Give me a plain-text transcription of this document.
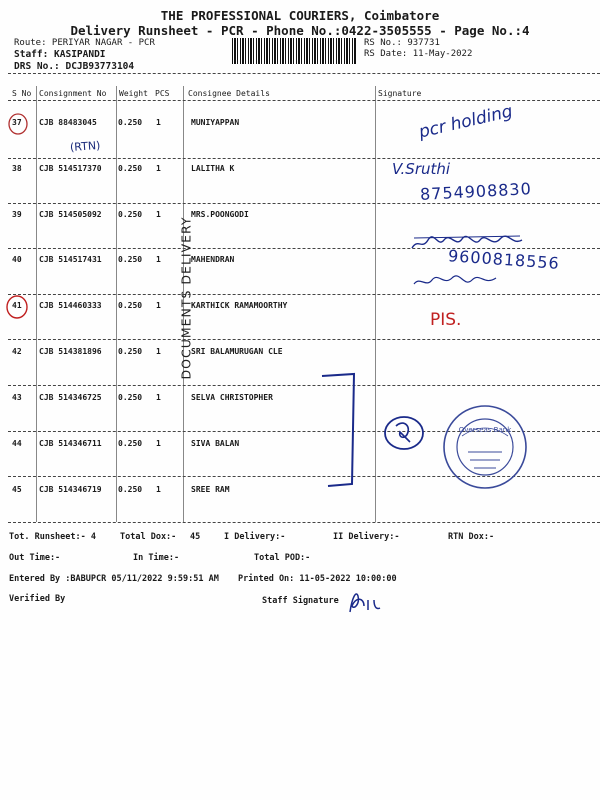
THE PROFESSIONAL COURIERS, Coimbatore
Delivery Runsheet - PCR - Phone No.:0422-3505555 - Page No.:4
Route: PERIYAR NAGAR - PCR
Staff: KASIPANDI
DRS No.: DCJB93773104
RS No.: 937731
RS Date: 11-May-2022
S No Consignment No Weight PCS Consignee Details	Signature
37 CJB 88483045	0.250 1	MUNIYAPPAN
38 CJB 514517370 0.250 1	LALITHA K
39 CJB 514505092 0.250 1	MRS.POONGODI
40 CJB 514517431 0.250 1	MAHENDRAN
41 CJB 514460333 0.250 1	KARTHICK RAMAMOORTHY
42 CJB 514381896 0.250 1	SRI BALAMURUGAN CLE
43 CJB 514346725 0.250 1	SELVA CHRISTOPHER
44 CJB 514346711 0.250 1	SIVA BALAN
45 CJB 514346719 0.250 1	SREE RAM
(RTN)
pcr holding
V.Sruthi
8754908830
9600818556
PIS.
DOCUMENTS DELIVERY
Overseas Bank
Tot. Runsheet:- 4	Total Dox:- 45	I Delivery:-	II Delivery:-	RTN Dox:-
Out Time:-	In Time:-	Total POD:-
Entered By :BABUPCR 05/11/2022 9:59:51 AM Printed On: 11-05-2022 10:00:00
Verified By	Staff Signature
